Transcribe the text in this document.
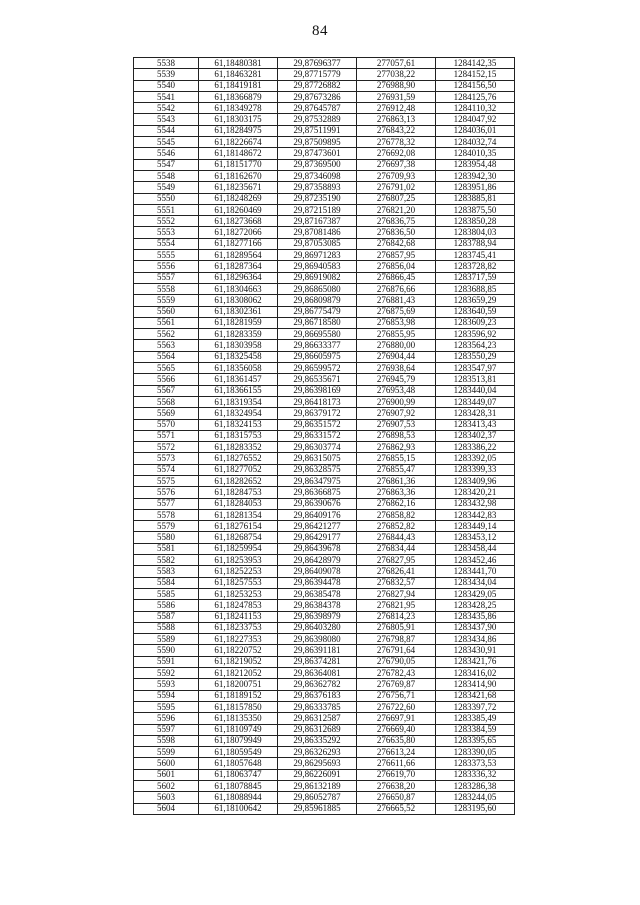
84
5538	61,18480381	29,87696377	277057,61	1284142,35
5539	61,18463281	29,87715779	277038,22	1284152,15
5540	61,18419181	29,87726882	276988,90	1284156,50
5541	61,18366879	29,87673286	276931,59	1284125,76
5542	61,18349278	29,87645787	276912,48	1284110,32
5543	61,18303175	29,87532889	276863,13	1284047,92
5544	61,18284975	29,87511991	276843,22	1284036,01
5545	61,18226674	29,87509895	276778,32	1284032,74
5546	61,18148672	29,87473601	276692,08	1284010,35
5547	61,18151770	29,87369500	276697,38	1283954,48
5548	61,18162670	29,87346098	276709,93	1283942,30
5549	61,18235671	29,87358893	276791,02	1283951,86
5550	61,18248269	29,87235190	276807,25	1283885,81
5551	61,18260469	29,87215189	276821,20	1283875,50
5552	61,18273668	29,87167387	276836,75	1283850,28
5553	61,18272066	29,87081486	276836,50	1283804,03
5554	61,18277166	29,87053085	276842,68	1283788,94
5555	61,18289564	29,86971283	276857,95	1283745,41
5556	61,18287364	29,86940583	276856,04	1283728,82
5557	61,18296364	29,86919082	276866,45	1283717,59
5558	61,18304663	29,86865080	276876,66	1283688,85
5559	61,18308062	29,86809879	276881,43	1283659,29
5560	61,18302361	29,86775479	276875,69	1283640,59
5561	61,18281959	29,86718580	276853,98	1283609,23
5562	61,18283359	29,86695580	276855,95	1283596,92
5563	61,18303958	29,86633377	276880,00	1283564,23
5564	61,18325458	29,86605975	276904,44	1283550,29
5565	61,18356058	29,86599572	276938,64	1283547,97
5566	61,18361457	29,86535671	276945,79	1283513,81
5567	61,18366155	29,86398169	276953,48	1283440,04
5568	61,18319354	29,86418173	276900,99	1283449,07
5569	61,18324954	29,86379172	276907,92	1283428,31
5570	61,18324153	29,86351572	276907,53	1283413,43
5571	61,18315753	29,86331572	276898,53	1283402,37
5572	61,18283352	29,86303774	276862,93	1283386,22
5573	61,18276552	29,86315075	276855,15	1283392,05
5574	61,18277052	29,86328575	276855,47	1283399,33
5575	61,18282652	29,86347975	276861,36	1283409,96
5576	61,18284753	29,86366875	276863,36	1283420,21
5577	61,18284053	29,86390676	276862,16	1283432,98
5578	61,18281354	29,86409176	276858,82	1283442,83
5579	61,18276154	29,86421277	276852,82	1283449,14
5580	61,18268754	29,86429177	276844,43	1283453,12
5581	61,18259954	29,86439678	276834,44	1283458,44
5582	61,18253953	29,86428979	276827,95	1283452,46
5583	61,18252253	29,86409078	276826,41	1283441,70
5584	61,18257553	29,86394478	276832,57	1283434,04
5585	61,18253253	29,86385478	276827,94	1283429,05
5586	61,18247853	29,86384378	276821,95	1283428,25
5587	61,18241153	29,86398979	276814,23	1283435,86
5588	61,18233753	29,86403280	276805,91	1283437,90
5589	61,18227353	29,86398080	276798,87	1283434,86
5590	61,18220752	29,86391181	276791,64	1283430,91
5591	61,18219052	29,86374281	276790,05	1283421,76
5592	61,18212052	29,86364081	276782,43	1283416,02
5593	61,18200751	29,86362782	276769,87	1283414,90
5594	61,18189152	29,86376183	276756,71	1283421,68
5595	61,18157850	29,86333785	276722,60	1283397,72
5596	61,18135350	29,86312587	276697,91	1283385,49
5597	61,18109749	29,86312689	276669,40	1283384,59
5598	61,18079949	29,86335292	276635,80	1283395,65
5599	61,18059549	29,86326293	276613,24	1283390,05
5600	61,18057648	29,86295693	276611,66	1283373,53
5601	61,18063747	29,86226091	276619,70	1283336,32
5602	61,18078845	29,86132189	276638,20	1283286,38
5603	61,18088944	29,86052787	276650,87	1283244,05
5604	61,18100642	29,85961885	276665,52	1283195,60
